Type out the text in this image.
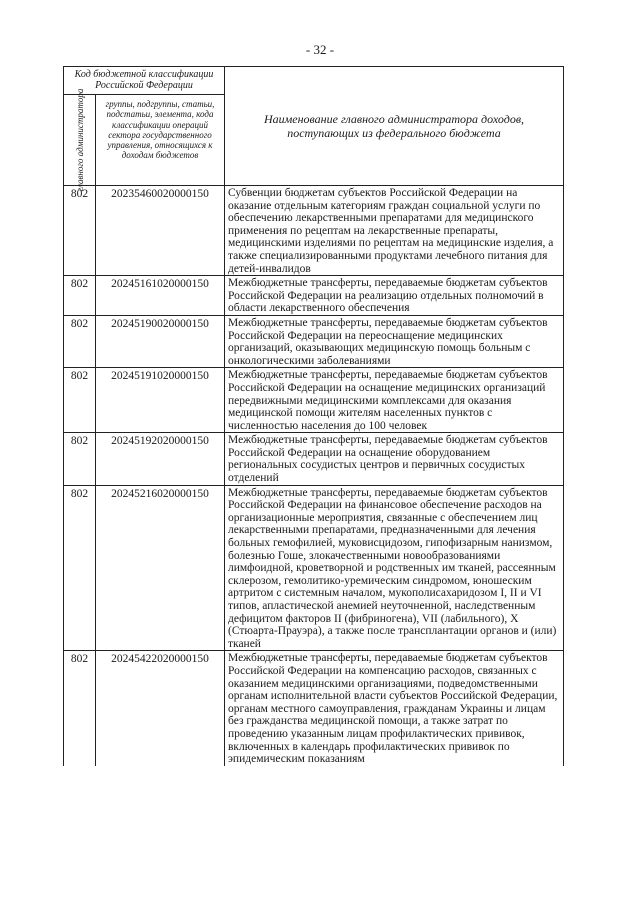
- 32 -
Код бюджетной классификации Российской Федерации		Наименование главного администратора доходов, поступающих из федерального бюджета

главного администратора	группы, подгруппы, статьи, подстатьи, элемента, кода классификации операций сектора государственного управления, относящихся к доходам бюджетов	
802	20235460020000150	Субвенции бюджетам субъектов Российской Федерации на оказание отдельным категориям граждан социальной услуги по обеспечению лекарственными препаратами для медицинского применения по рецептам на лекарственные препараты, медицинскими изделиями по рецептам на медицинские изделия, а также специализированными продуктами лечебного питания для детей-инвалидов
802	20245161020000150	Межбюджетные трансферты, передаваемые бюджетам субъектов Российской Федерации на реализацию отдельных полномочий в области лекарственного обеспечения
802	20245190020000150	Межбюджетные трансферты, передаваемые бюджетам субъектов Российской Федерации на переоснащение медицинских организаций, оказывающих медицинскую помощь больным с онкологическими заболеваниями
802	20245191020000150	Межбюджетные трансферты, передаваемые бюджетам субъектов Российской Федерации на оснащение медицинских организаций передвижными медицинскими комплексами для оказания медицинской помощи жителям населенных пунктов с численностью населения до 100 человек
802	20245192020000150	Межбюджетные трансферты, передаваемые бюджетам субъектов Российской Федерации на оснащение оборудованием региональных сосудистых центров и первичных сосудистых отделений
802	20245216020000150	Межбюджетные трансферты, передаваемые бюджетам субъектов Российской Федерации на финансовое обеспечение расходов на организационные мероприятия, связанные с обеспечением лиц лекарственными препаратами, предназначенными для лечения больных гемофилией, муковисцидозом, гипофизарным нанизмом, болезнью Гоше, злокачественными новообразованиями лимфоидной, кроветворной и родственных им тканей, рассеянным склерозом, гемолитико-уремическим синдромом, юношеским артритом с системным началом, мукополисахаридозом I, II и VI типов, апластической анемией неуточненной, наследственным дефицитом факторов II (фибриногена), VII (лабильного), X (Стюарта-Прауэра), а также после трансплантации органов и (или) тканей
802	20245422020000150	Межбюджетные трансферты, передаваемые бюджетам субъектов Российской Федерации на компенсацию расходов, связанных с оказанием медицинскими организациями, подведомственными органам исполнительной власти субъектов Российской Федерации, органам местного самоуправления, гражданам Украины и лицам без гражданства медицинской помощи, а также затрат по проведению указанным лицам профилактических прививок, включенных в календарь профилактических прививок по эпидемическим показаниям
